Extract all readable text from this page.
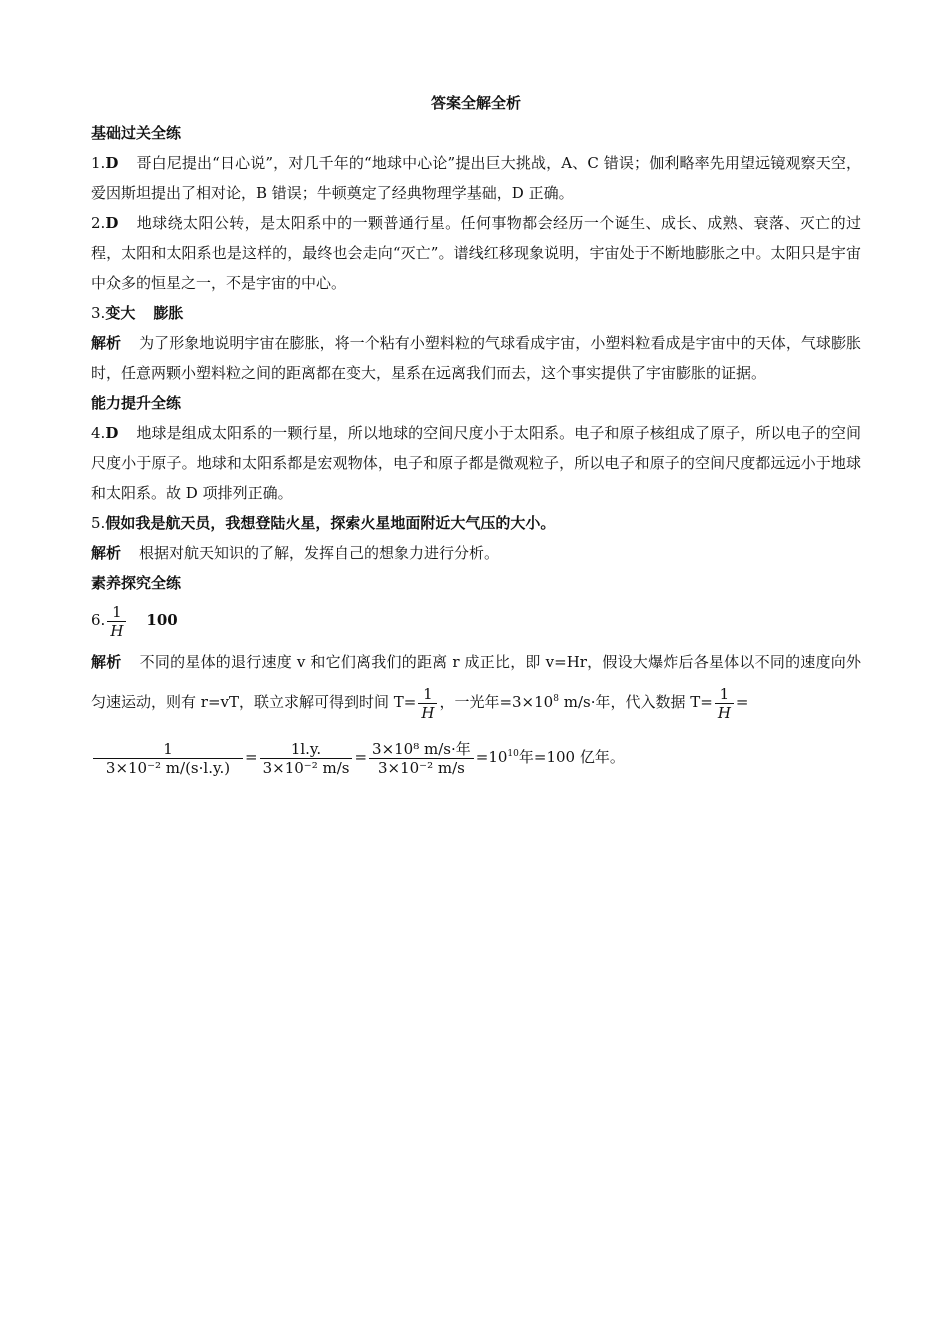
答案全解全析
基础过关全练
1.D 哥白尼提出“日心说”，对几千年的“地球中心论”提出巨大挑战，A、C 错误；伽利略率先用望远镜观察天空，爱因斯坦提出了相对论，B 错误；牛顿奠定了经典物理学基础，D 正确。
2.D 地球绕太阳公转，是太阳系中的一颗普通行星。任何事物都会经历一个诞生、成长、成熟、衰落、灭亡的过程，太阳和太阳系也是这样的，最终也会走向“灭亡”。谱线红移现象说明，宇宙处于不断地膨胀之中。太阳只是宇宙中众多的恒星之一，不是宇宙的中心。
3.变大 膨胀
解析 为了形象地说明宇宙在膨胀，将一个粘有小塑料粒的气球看成宇宙，小塑料粒看成是宇宙中的天体，气球膨胀时，任意两颗小塑料粒之间的距离都在变大，星系在远离我们而去，这个事实提供了宇宙膨胀的证据。
能力提升全练
4.D 地球是组成太阳系的一颗行星，所以地球的空间尺度小于太阳系。电子和原子核组成了原子，所以电子的空间尺度小于原子。地球和太阳系都是宏观物体，电子和原子都是微观粒子，所以电子和原子的空间尺度都远远小于地球和太阳系。故 D 项排列正确。
5.假如我是航天员，我想登陆火星，探索火星地面附近大气压的大小。
解析 根据对航天知识的了解，发挥自己的想象力进行分析。
素养探究全练
6. $\frac{1}{H} 100$
解析 不同的星体的退行速度 v 和它们离我们的距离 r 成正比，即 v=Hr，假设大爆炸后各星体以不同的速度向外匀速运动，则有 r=vT，联立求解可得到时间 $T= \frac{1}{H}$ ，一光年$=3\times 10^8$ m/s·年，代入数据 $T= \frac{1}{H}$ =
$\frac{1}{\text{3×10⁻² m/(s·l.y.)}} = \frac{1l.y.}{\text{3×10⁻² m/s}} = \frac{\text{3×10⁸ m/s·年}}{\text{3×10⁻² m/s}} =10^{10}$年=100 亿年。
